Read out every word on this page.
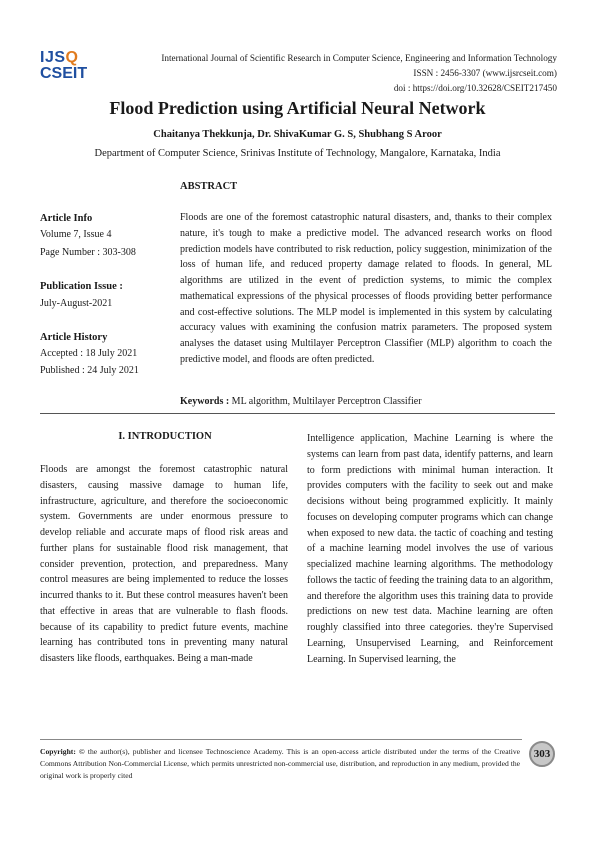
IJSQ
CSEIT
International Journal of Scientific Research in Computer Science, Engineering and Information Technology
ISSN : 2456-3307 (www.ijsrcseit.com)
doi : https://doi.org/10.32628/CSEIT217450
Flood Prediction using Artificial Neural Network
Chaitanya Thekkunja, Dr. ShivaKumar G. S, Shubhang S Aroor
Department of Computer Science, Srinivas Institute of Technology, Mangalore, Karnataka, India
ABSTRACT
Article Info
Volume 7, Issue 4
Page Number : 303-308
Publication Issue :
July-August-2021
Article History
Accepted : 18 July 2021
Published : 24 July 2021
Floods are one of the foremost catastrophic natural disasters, and, thanks to their complex nature, it's tough to make a predictive model. The advanced research works on flood prediction models have contributed to risk reduction, policy suggestion, minimization of the loss of human life, and reduced property damage related to floods. In general, ML algorithms are utilized in the event of prediction systems, to mimic the complex mathematical expressions of the physical processes of floods providing better performance and cost-effective solutions. The MLP model is implemented in this system by calculating accuracy values with examining the confusion matrix parameters. The proposed system analyses the dataset using Multilayer Perceptron Classifier (MLP) algorithm to coach the predictive model, and floods are often predicted.
Keywords : ML algorithm, Multilayer Perceptron Classifier
I. INTRODUCTION
Floods are amongst the foremost catastrophic natural disasters, causing massive damage to human life, infrastructure, agriculture, and therefore the socioeconomic system. Governments are under enormous pressure to develop reliable and accurate maps of flood risk areas and further plans for sustainable flood risk management, that consider prevention, protection, and preparedness. Many control measures are being implemented to reduce the losses incurred thanks to it. But these control measures haven't been that effective in areas that are vulnerable to flash floods. because of its capability to predict future events, machine learning has contributed tons in preventing many natural disasters like floods, earthquakes. Being a man-made
Intelligence application, Machine Learning is where the systems can learn from past data, identify patterns, and learn to form predictions with minimal human interaction. It provides computers with the facility to seek out and make decisions without being programmed explicitly. It mainly focuses on developing computer programs which can change when exposed to new data. the tactic of coaching and testing of a machine learning model involves the use of various specialized machine learning algorithms. The methodology follows the tactic of feeding the training data to an algorithm, and therefore the algorithm uses this training data to provide predictions on new test data. Machine learning are often roughly classified into three categories. they're Supervised Learning, Unsupervised Learning, and Reinforcement Learning. In Supervised learning, the
Copyright: © the author(s), publisher and licensee Technoscience Academy. This is an open-access article distributed under the terms of the Creative Commons Attribution Non-Commercial License, which permits unrestricted non-commercial use, distribution, and reproduction in any medium, provided the original work is properly cited
303
